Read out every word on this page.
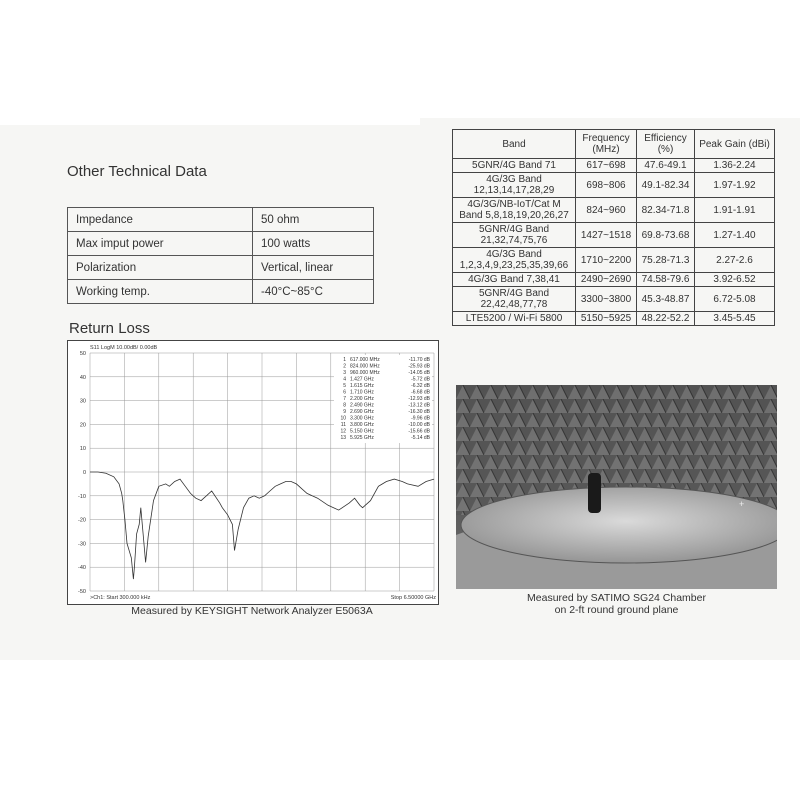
Other Technical Data
Impedance	50 ohm
Max imput power	100 watts
Polarization	Vertical, linear
Working temp.	-40°C~85°C
Return Loss
S11 LogM 10.00dB/ 0.00dB
>Ch1: Start 300.000 kHz	Stop 6.50000 GHz
50
40
30
20
10
0
-10
-20
-30
-40
-50
1 617.000 MHz	-11.70 dB
2 824.000 MHz	-25.93 dB
3 960.000 MHz	-14.05 dB
4 1.427 GHz	-5.72 dB
5 1.615 GHz	-6.32 dB
6 1.710 GHz	-6.68 dB
7 2.200 GHz	-12.93 dB
8 2.490 GHz	-13.12 dB
9 2.690 GHz	-16.30 dB
10 3.300 GHz	-9.96 dB
11 3.800 GHz	-10.00 dB
12 5.150 GHz	-15.66 dB
13 5.925 GHz	-5.14 dB
Measured by KEYSIGHT Network Analyzer E5063A
Band	Frequency (MHz)	Efficiency (%)	Peak Gain (dBi)
5GNR/4G Band 71	617~698	47.6-49.1	1.36-2.24
4G/3G Band 12,13,14,17,28,29	698~806	49.1-82.34	1.97-1.92
4G/3G/NB-IoT/Cat M Band 5,8,18,19,20,26,27	824~960	82.34-71.8	1.91-1.91
5GNR/4G Band 21,32,74,75,76	1427~1518	69.8-73.68	1.27-1.40
4G/3G Band 1,2,3,4,9,23,25,35,39,66	1710~2200	75.28-71.3	2.27-2.6
4G/3G Band 7,38,41	2490~2690	74.58-79.6	3.92-6.52
5GNR/4G Band 22,42,48,77,78	3300~3800	45.3-48.87	6.72-5.08
LTE5200 / Wi-Fi 5800	5150~5925	48.22-52.2	3.45-5.45
+
Measured by SATIMO SG24 Chamber
on 2-ft round ground plane
